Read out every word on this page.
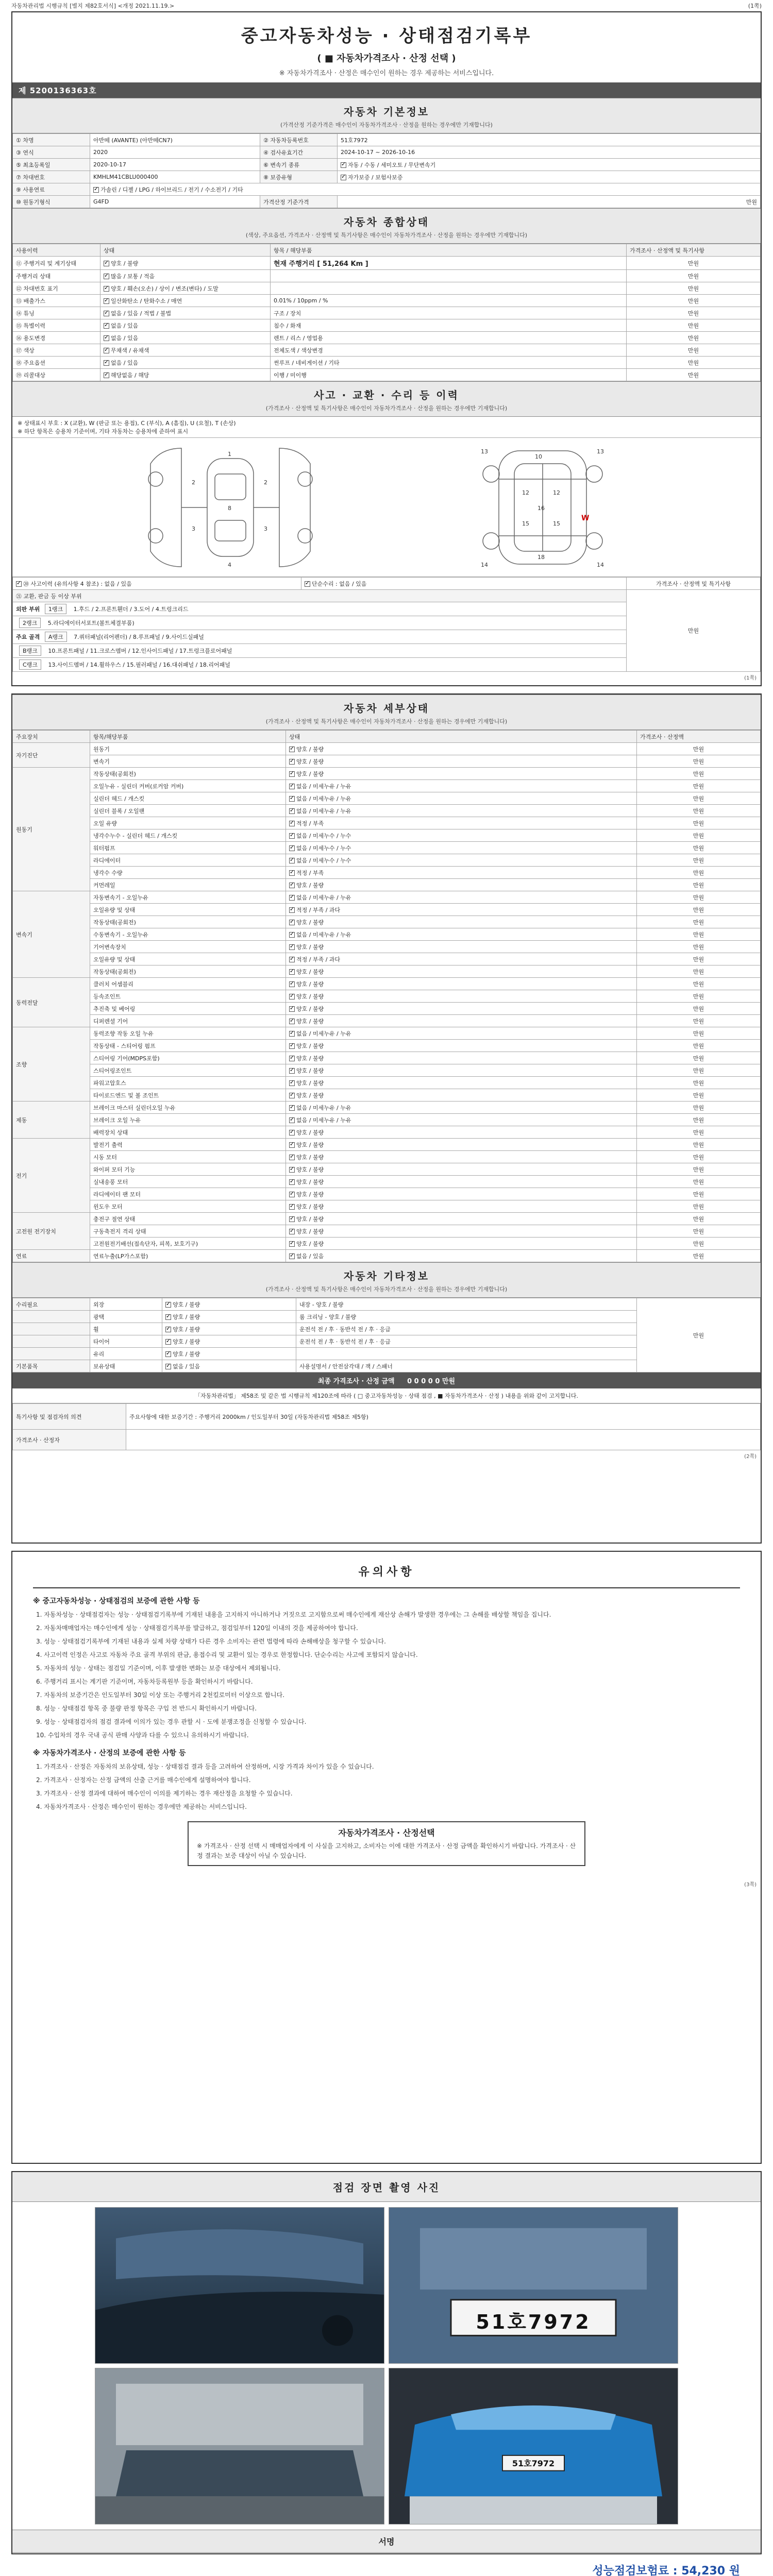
자동차관리법 시행규칙 [별지 제82호서식] <개정 2021.11.19.>	(1쪽)
중고자동차성능 · 상태점검기록부
( ■ 자동차가격조사 · 산정 선택 )
※ 자동차가격조사 · 산정은 매수인이 원하는 경우 제공하는 서비스입니다.
제 5200136363호
자동차 기본정보
(가격산정 기준가격은 매수인이 자동차가격조사 · 산정을 원하는 경우에만 기재합니다)
① 차명	아반떼 (AVANTE) (아반떼CN7)	② 자동차등록번호	51호7972
③ 연식	2020	④ 검사유효기간	2024-10-17 ~ 2026-10-16
⑤ 최초등록일	2020-10-17	⑥ 변속기 종류	✓자동 / 수동 / 세미오토 / 무단변속기
⑦ 차대번호	KMHLM41CBLU000400	⑧ 보증유형	✓자가보증 / 보험사보증
⑨ 사용연료	✓가솔린 / 디젤 / LPG / 하이브리드 / 전기 / 수소전기 / 기타
⑩ 원동기형식	G4FD	가격산정 기준가격	만원
자동차 종합상태
(색상, 주요옵션, 가격조사 · 산정액 및 특기사항은 매수인이 자동차가격조사 · 산정을 원하는 경우에만 기재합니다)
사용이력	상태	항목 / 해당부품	가격조사 · 산정액 및 특기사항
⑪ 주행거리 및 계기상태	✓양호 / 불량	현재 주행거리 [ 51,264 Km ]	만원
주행거리 상태	✓많음 / 보통 / 적음		만원
⑫ 차대번호 표기	✓양호 / 훼손(오손) / 상이 / 변조(변타) / 도말		만원
⑬ 배출가스	✓일산화탄소 / 탄화수소 / 매연	0.01% / 10ppm / %	만원
⑭ 튜닝	✓없음 / 있음 / 적법 / 불법	구조 / 장치	만원
⑮ 특별이력	✓없음 / 있음	침수 / 화재	만원
⑯ 용도변경	✓없음 / 있음	렌트 / 리스 / 영업용	만원
⑰ 색상	✓무채색 / 유채색	전체도색 / 색상변경	만원
⑱ 주요옵션	✓없음 / 있음	썬루프 / 네비게이션 / 기타	만원
⑲ 리콜대상	✓해당없음 / 해당	이행 / 미이행	만원
사고 · 교환 · 수리 등 이력
(가격조사 · 산정액 및 특기사항은 매수인이 자동차가격조사 · 산정을 원하는 경우에만 기재합니다)
※ 상태표시 부호 : X (교환), W (판금 또는 용접), C (부식), A (흠집), U (요철), T (손상)
※ 하단 항목은 승용차 기준이며, 기타 자동차는 승용차에 준하여 표시
1
2	2
3	3
4
8
10
13	13
12	12
16
15	15
18
14	14
W
✓⑳ 사고이력 (유의사항 4 참조) : 없음 / 있음	✓단순수리 : 없음 / 있음	가격조사 · 산정액 및 특기사항
㉑ 교환, 판금 등 이상 부위		만원
외판 부위 1랭크 1.후드 / 2.프론트휀더 / 3.도어 / 4.트렁크리드		
2랭크 5.라디에이터서포트(볼트체결부품)		
주요 골격 A랭크 7.쿼터패널(리어펜더) / 8.루프패널 / 9.사이드실패널		
B랭크 10.프론트패널 / 11.크로스멤버 / 12.인사이드패널 / 17.트렁크플로어패널		
C랭크 13.사이드멤버 / 14.휠하우스 / 15.필러패널 / 16.대쉬패널 / 18.리어패널		
(1쪽)
자동차 세부상태
(가격조사 · 산정액 및 특기사항은 매수인이 자동차가격조사 · 산정을 원하는 경우에만 기재합니다)
주요장치	항목/해당부품	상태	가격조사 · 산정액
자기진단	원동기	✓양호 / 불량	만원
	변속기	✓양호 / 불량	만원
원동기	작동상태(공회전)	✓양호 / 불량	만원
	오일누유 - 실린더 커버(로커암 커버)	✓없음 / 미세누유 / 누유	만원
	실린더 헤드 / 개스킷	✓없음 / 미세누유 / 누유	만원
	실린더 블록 / 오일팬	✓없음 / 미세누유 / 누유	만원
	오일 유량	✓적정 / 부족	만원
	냉각수누수 - 실린더 헤드 / 개스킷	✓없음 / 미세누수 / 누수	만원
	워터펌프	✓없음 / 미세누수 / 누수	만원
	라디에이터	✓없음 / 미세누수 / 누수	만원
	냉각수 수량	✓적정 / 부족	만원
	커먼레일	✓양호 / 불량	만원
변속기	자동변속기 - 오일누유	✓없음 / 미세누유 / 누유	만원
	오일유량 및 상태	✓적정 / 부족 / 과다	만원
	작동상태(공회전)	✓양호 / 불량	만원
	수동변속기 - 오일누유	✓없음 / 미세누유 / 누유	만원
	기어변속장치	✓양호 / 불량	만원
	오일유량 및 상태	✓적정 / 부족 / 과다	만원
	작동상태(공회전)	✓양호 / 불량	만원
동력전달	클러치 어셈블리	✓양호 / 불량	만원
	등속조인트	✓양호 / 불량	만원
	추진축 및 베어링	✓양호 / 불량	만원
	디퍼렌셜 기어	✓양호 / 불량	만원
조향	동력조향 작동 오일 누유	✓없음 / 미세누유 / 누유	만원
	작동상태 - 스티어링 펌프	✓양호 / 불량	만원
	스티어링 기어(MDPS포함)	✓양호 / 불량	만원
	스티어링조인트	✓양호 / 불량	만원
	파워고압호스	✓양호 / 불량	만원
	타이로드엔드 및 볼 조인트	✓양호 / 불량	만원
제동	브레이크 마스터 실린더오일 누유	✓없음 / 미세누유 / 누유	만원
	브레이크 오일 누유	✓없음 / 미세누유 / 누유	만원
	배력장치 상태	✓양호 / 불량	만원
전기	발전기 출력	✓양호 / 불량	만원
	시동 모터	✓양호 / 불량	만원
	와이퍼 모터 기능	✓양호 / 불량	만원
	실내송풍 모터	✓양호 / 불량	만원
	라디에이터 팬 모터	✓양호 / 불량	만원
	윈도우 모터	✓양호 / 불량	만원
고전원 전기장치	충전구 절연 상태	✓양호 / 불량	만원
	구동축전지 격리 상태	✓양호 / 불량	만원
	고전원전기배선(접속단자, 피복, 보호기구)	✓양호 / 불량	만원
연료	연료누출(LP가스포함)	✓없음 / 있음	만원
자동차 기타정보
(가격조사 · 산정액 및 특기사항은 매수인이 자동차가격조사 · 산정을 원하는 경우에만 기재합니다)
수리필요	외장	✓양호 / 불량	내장 - 양호 / 불량	만원
	광택	✓양호 / 불량	룸 크리닝 - 양호 / 불량	
	휠	✓양호 / 불량	운전석 전 / 후 · 동반석 전 / 후 · 응급	
	타이어	✓양호 / 불량	운전석 전 / 후 · 동반석 전 / 후 · 응급	
	유리	✓양호 / 불량	
기본품목	보유상태	✓없음 / 있음	사용설명서 / 안전삼각대 / 잭 / 스패너	
최종 가격조사 · 산정 금액 0 0 0 0 0 만원
「자동차관리법」 제58조 및 같은 법 시행규칙 제120조에 따라 ( □ 중고자동차성능 · 상태 점검 , ■ 자동차가격조사 · 산정 ) 내용을 위와 같이 고지합니다.
특기사항 및 점검자의 의견	주요사항에 대한 보증기간 : 주행거리 2000km / 인도일부터 30일 (자동차관리법 제58조 제5항)
가격조사 · 산정자	
(2쪽)
유의사항
※ 중고자동차성능 · 상태점검의 보증에 관한 사항 등
1. 자동차성능 · 상태점검자는 성능 · 상태점검기록부에 기재된 내용을 고지하지 아니하거나 거짓으로 고지함으로써 매수인에게 재산상 손해가 발생한 경우에는 그 손해를 배상할 책임을 집니다.
2. 자동차매매업자는 매수인에게 성능 · 상태점검기록부를 발급하고, 점검일부터 120일 이내의 것을 제공하여야 합니다.
3. 성능 · 상태점검기록부에 기재된 내용과 실제 차량 상태가 다른 경우 소비자는 관련 법령에 따라 손해배상을 청구할 수 있습니다.
4. 사고이력 인정은 사고로 자동차 주요 골격 부위의 판금, 용접수리 및 교환이 있는 경우로 한정합니다. 단순수리는 사고에 포함되지 않습니다.
5. 자동차의 성능 · 상태는 점검일 기준이며, 이후 발생한 변화는 보증 대상에서 제외됩니다.
6. 주행거리 표시는 계기판 기준이며, 자동차등록원부 등을 확인하시기 바랍니다.
7. 자동차의 보증기간은 인도일부터 30일 이상 또는 주행거리 2천킬로미터 이상으로 합니다.
8. 성능 · 상태점검 항목 중 불량 판정 항목은 구입 전 반드시 확인하시기 바랍니다.
9. 성능 · 상태점검자의 점검 결과에 이의가 있는 경우 관할 시 · 도에 분쟁조정을 신청할 수 있습니다.
10. 수입차의 경우 국내 공식 판매 사양과 다를 수 있으니 유의하시기 바랍니다.
※ 자동차가격조사 · 산정의 보증에 관한 사항 등
1. 가격조사 · 산정은 자동차의 보유상태, 성능 · 상태점검 결과 등을 고려하여 산정하며, 시장 가격과 차이가 있을 수 있습니다.
2. 가격조사 · 산정자는 산정 금액의 산출 근거를 매수인에게 설명하여야 합니다.
3. 가격조사 · 산정 결과에 대하여 매수인이 이의를 제기하는 경우 재산정을 요청할 수 있습니다.
4. 자동차가격조사 · 산정은 매수인이 원하는 경우에만 제공하는 서비스입니다.
자동차가격조사 · 산정선택
※ 가격조사 · 산정 선택 시 매매업자에게 이 사실을 고지하고, 소비자는 이에 대한 가격조사 · 산정 금액을 확인하시기 바랍니다. 가격조사 · 산정 결과는 보증 대상이 아닐 수 있습니다.
(3쪽)
점검 장면 촬영 사진
51호7972
51호7972
서명
성능점검보험료 : 54,230 원
